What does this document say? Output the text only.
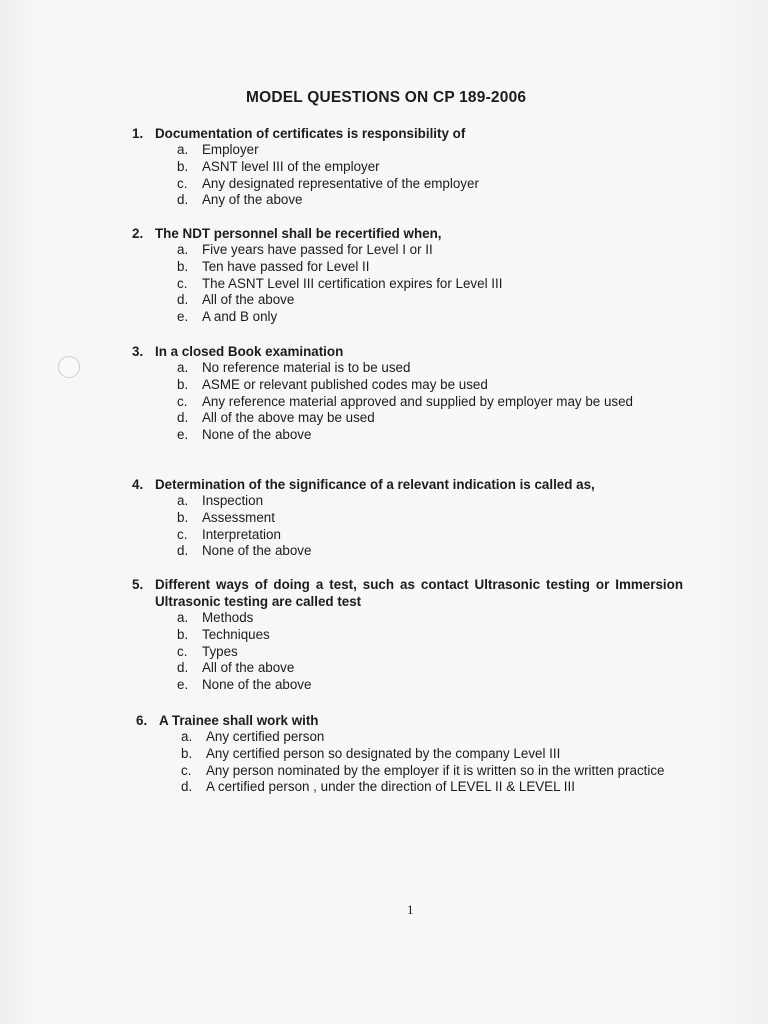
MODEL QUESTIONS ON CP 189-2006
1. Documentation of certificates is responsibility of
a.	Employer
b.	ASNT level III of the employer
c.	Any designated representative of the employer
d.	Any of the above
2. The NDT personnel shall be recertified when,
a.	Five years have passed for Level I or II
b.	Ten have passed for Level II
c.	The ASNT Level III certification expires for Level III
d.	All of the above
e.	A and B only
3. In a closed Book examination
a.	No reference material is to be used
b.	ASME or relevant published codes may be used
c.	Any reference material approved and supplied by employer may be used
d.	All of the above may be used
e.	None of the above
4. Determination of the significance of a relevant indication is called as,
a.	Inspection
b.	Assessment
c.	Interpretation
d.	None of the above
5. Different ways of doing a test, such as contact Ultrasonic testing or Immersion Ultrasonic testing are called test
a.	Methods
b.	Techniques
c.	Types
d.	All of the above
e.	None of the above
6. A Trainee shall work with
a.	Any certified person
b.	Any certified person so designated by the company Level III
c.	Any person nominated by the employer if it is written so in the written practice
d.	A certified person , under the direction of LEVEL II & LEVEL III
1
